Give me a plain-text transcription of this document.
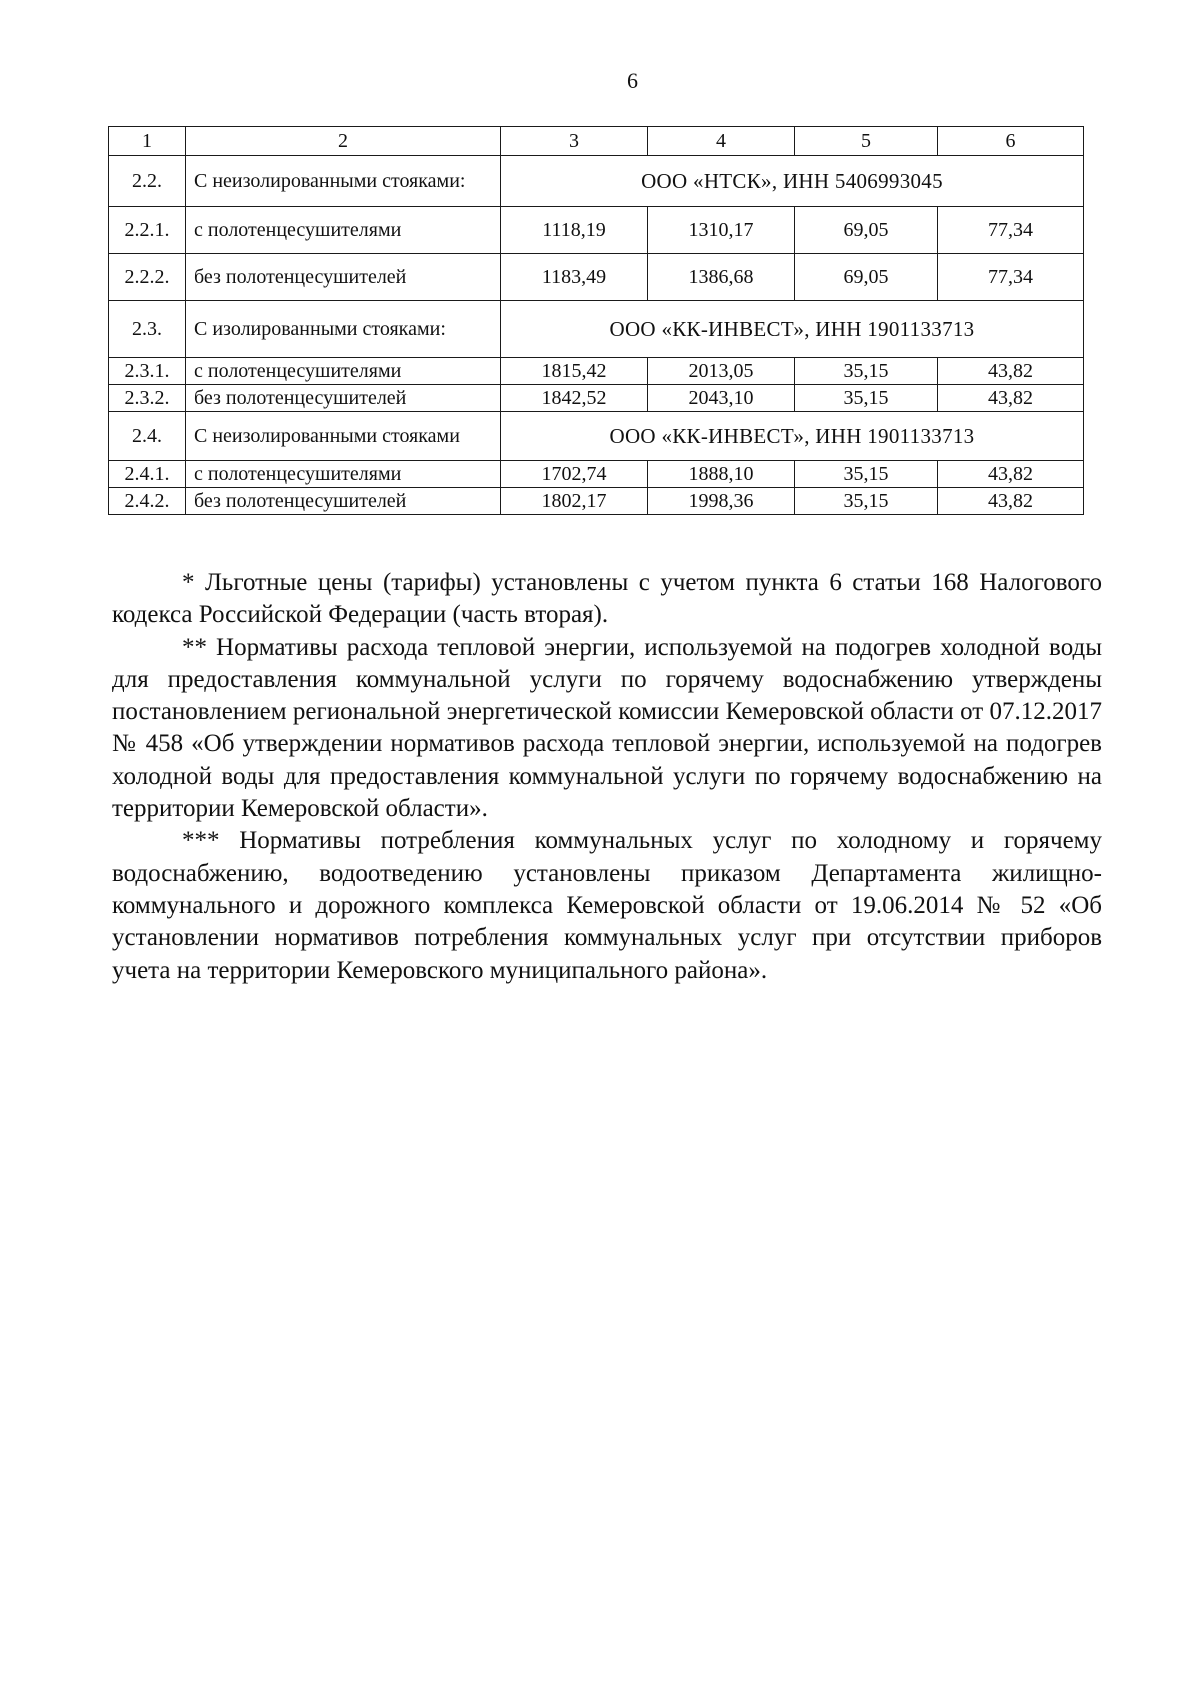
6
1	2	3	4	5	6
2.2.	С неизолированными стояками:	ООО «НТСК», ИНН 5406993045			
2.2.1.	с полотенцесушителями	1118,19	1310,17	69,05	77,34
2.2.2.	без полотенцесушителей	1183,49	1386,68	69,05	77,34
2.3.	С изолированными стояками:	ООО «КК-ИНВЕСТ», ИНН 1901133713			
2.3.1.	с полотенцесушителями	1815,42	2013,05	35,15	43,82
2.3.2.	без полотенцесушителей	1842,52	2043,10	35,15	43,82
2.4.	С неизолированными стояками	ООО «КК-ИНВЕСТ», ИНН 1901133713			
2.4.1.	с полотенцесушителями	1702,74	1888,10	35,15	43,82
2.4.2.	без полотенцесушителей	1802,17	1998,36	35,15	43,82

* Льготные цены (тарифы) установлены с учетом пункта 6 статьи 168 Налогового кодекса Российской Федерации (часть вторая).

** Нормативы расхода тепловой энергии, используемой на подогрев холодной воды для предоставления коммунальной услуги по горячему водоснабжению утверждены постановлением региональной энергетической комиссии Кемеровской области от 07.12.2017 № 458 «Об утверждении нормативов расхода тепловой энергии, используемой на подогрев холодной воды для предоставления коммунальной услуги по горячему водоснабжению на территории Кемеровской области».

*** Нормативы потребления коммунальных услуг по холодному и горячему водоснабжению, водоотведению установлены приказом Департамента жилищно-коммунального и дорожного комплекса Кемеровской области от 19.06.2014 № 52 «Об установлении нормативов потребления коммунальных услуг при отсутствии приборов учета на территории Кемеровского муниципального района».
